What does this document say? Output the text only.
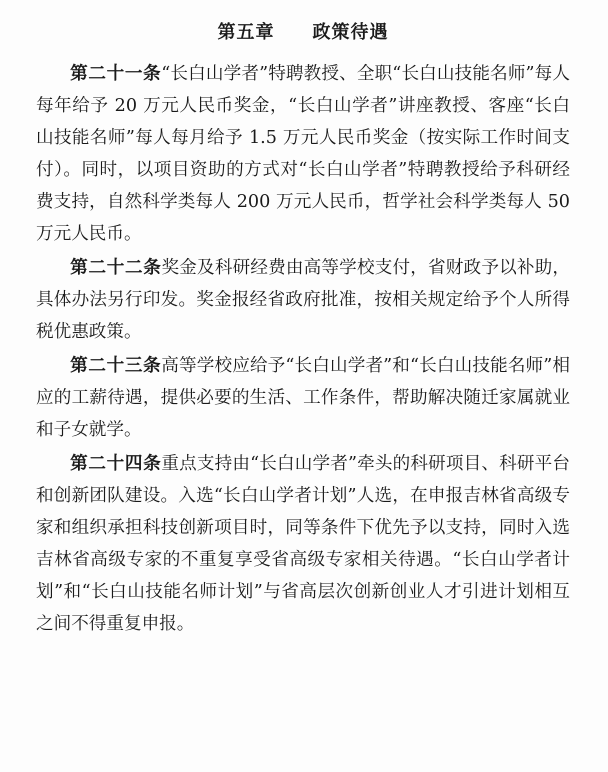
第五章　　政策待遇

第二十一条“长白山学者”特聘教授、全职“长白山技能名师”每人每年给予 20 万元人民币奖金，“长白山学者”讲座教授、客座“长白山技能名师”每人每月给予 1.5 万元人民币奖金（按实际工作时间支付）。同时，以项目资助的方式对“长白山学者”特聘教授给予科研经费支持，自然科学类每人 200 万元人民币，哲学社会科学类每人 50 万元人民币。

第二十二条奖金及科研经费由高等学校支付，省财政予以补助，具体办法另行印发。奖金报经省政府批准，按相关规定给予个人所得税优惠政策。

第二十三条高等学校应给予“长白山学者”和“长白山技能名师”相应的工薪待遇，提供必要的生活、工作条件，帮助解决随迁家属就业和子女就学。

第二十四条重点支持由“长白山学者”牵头的科研项目、科研平台和创新团队建设。入选“长白山学者计划”人选，在申报吉林省高级专家和组织承担科技创新项目时，同等条件下优先予以支持，同时入选吉林省高级专家的不重复享受省高级专家相关待遇。“长白山学者计划”和“长白山技能名师计划”与省高层次创新创业人才引进计划相互之间不得重复申报。
